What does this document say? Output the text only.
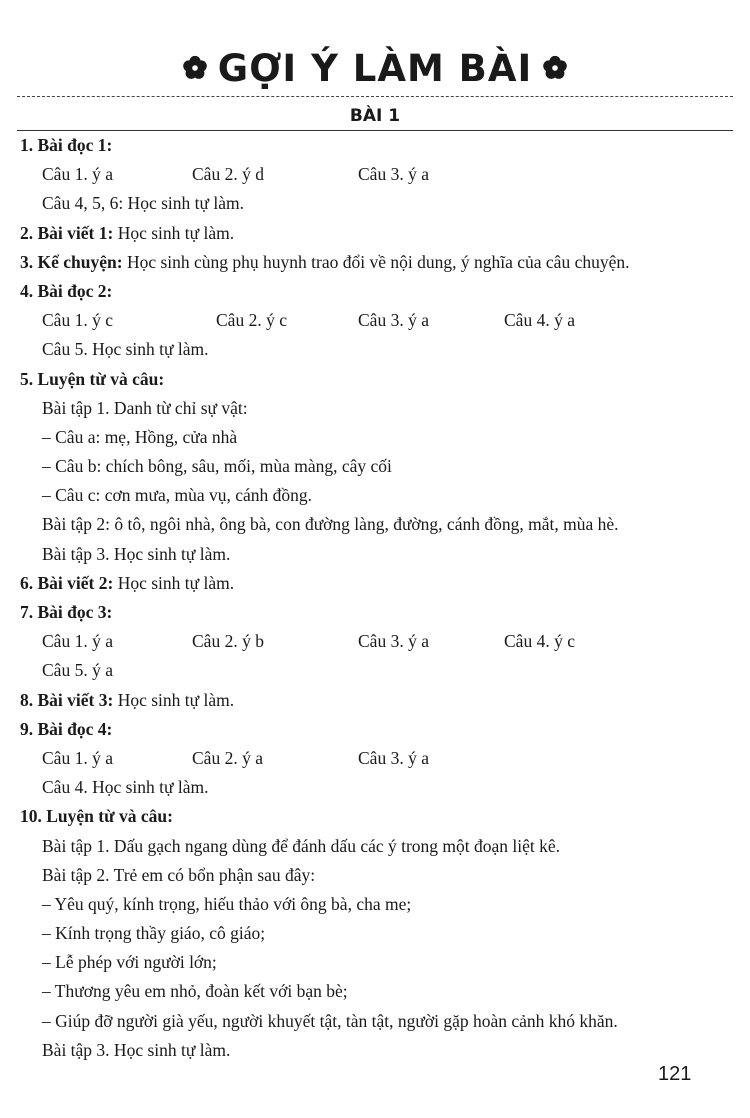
GỢI Ý LÀM BÀI
BÀI 1
1. Bài đọc 1:
Câu 1. ý a	Câu 2. ý d	Câu 3. ý a
Câu 4, 5, 6: Học sinh tự làm.
2. Bài viết 1: Học sinh tự làm.
3. Kể chuyện: Học sinh cùng phụ huynh trao đổi về nội dung, ý nghĩa của câu chuyện.
4. Bài đọc 2:
Câu 1. ý c	Câu 2. ý c	Câu 3. ý a	Câu 4. ý a
Câu 5. Học sinh tự làm.
5. Luyện từ và câu:
Bài tập 1. Danh từ chỉ sự vật:
– Câu a: mẹ, Hồng, cửa nhà
– Câu b: chích bông, sâu, mối, mùa màng, cây cối
– Câu c: cơn mưa, mùa vụ, cánh đồng.
Bài tập 2: ô tô, ngôi nhà, ông bà, con đường làng, đường, cánh đồng, mắt, mùa hè.
Bài tập 3. Học sinh tự làm.
6. Bài viết 2: Học sinh tự làm.
7. Bài đọc 3:
Câu 1. ý a	Câu 2. ý b	Câu 3. ý a	Câu 4. ý c
Câu 5. ý a
8. Bài viết 3: Học sinh tự làm.
9. Bài đọc 4:
Câu 1. ý a	Câu 2. ý a	Câu 3. ý a
Câu 4. Học sinh tự làm.
10. Luyện từ và câu:
Bài tập 1. Dấu gạch ngang dùng để đánh dấu các ý trong một đoạn liệt kê.
Bài tập 2. Trẻ em có bổn phận sau đây:
– Yêu quý, kính trọng, hiếu thảo với ông bà, cha me;
– Kính trọng thầy giáo, cô giáo;
– Lễ phép với người lớn;
– Thương yêu em nhỏ, đoàn kết với bạn bè;
– Giúp đỡ người già yếu, người khuyết tật, tàn tật, người gặp hoàn cảnh khó khăn.
Bài tập 3. Học sinh tự làm.
121
